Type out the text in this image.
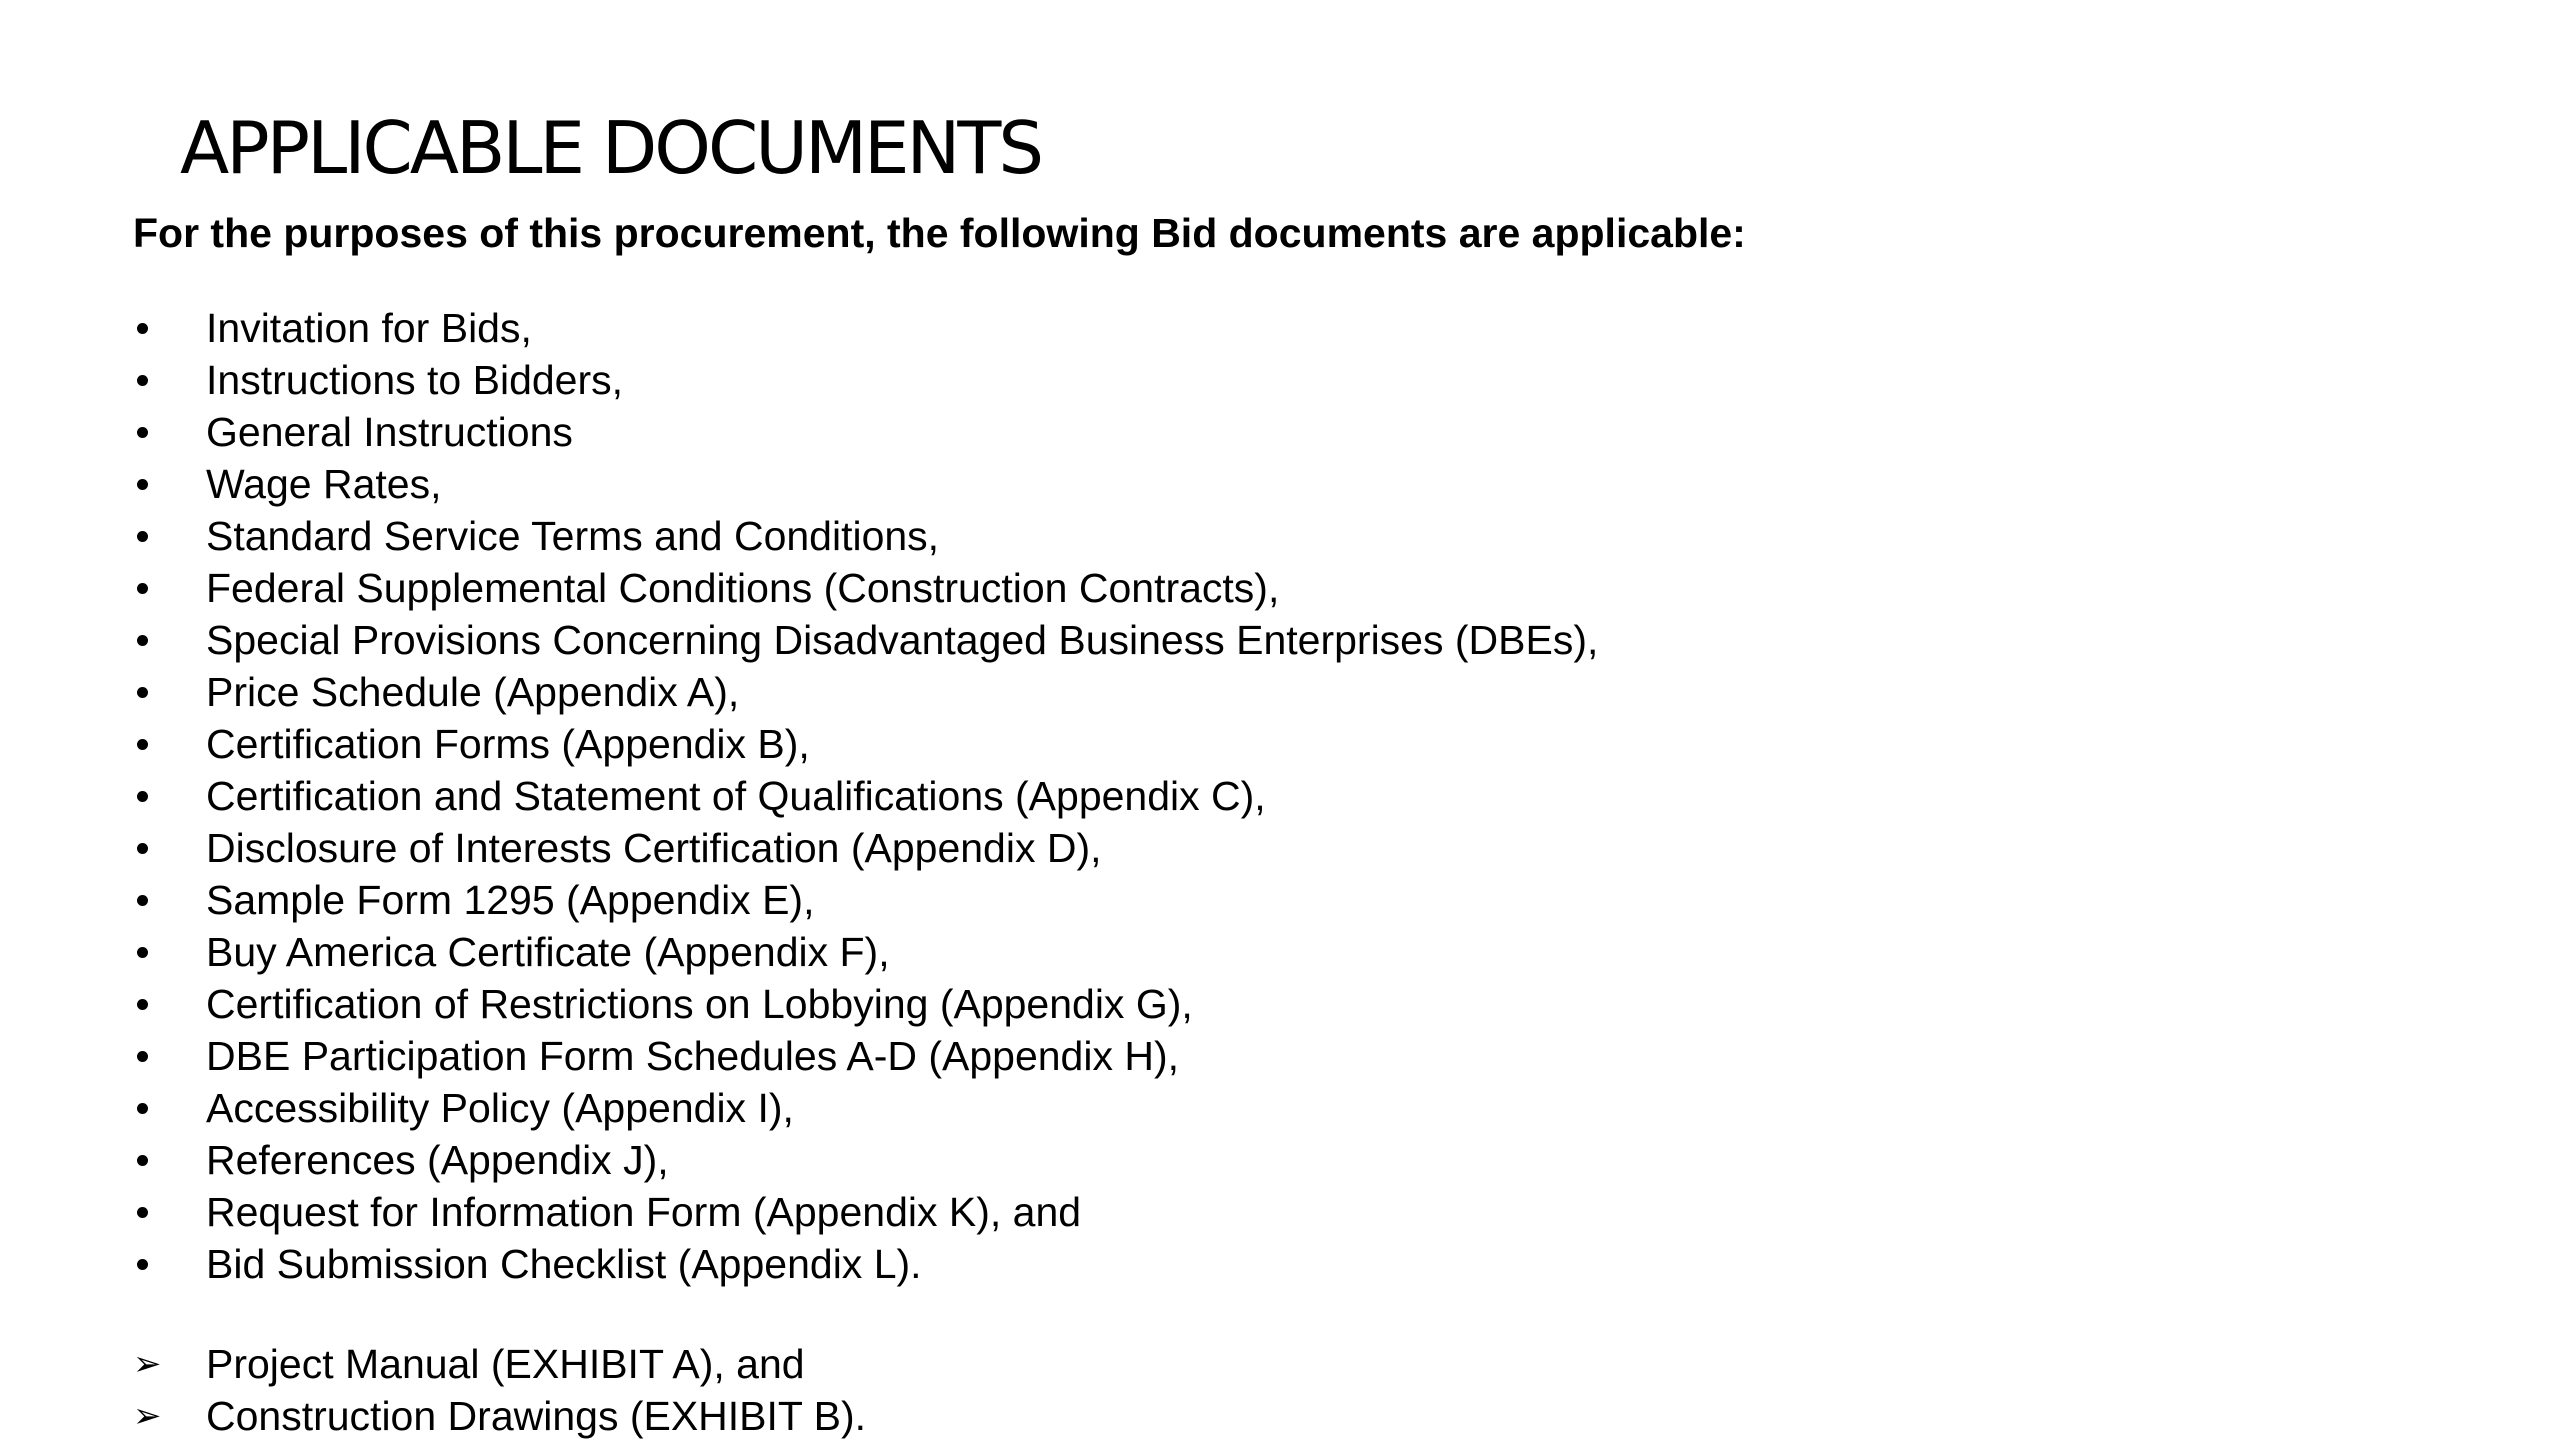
APPLICABLE DOCUMENTS

For the purposes of this procurement, the following Bid documents are applicable:

Invitation for Bids,
Instructions to Bidders,
General Instructions
Wage Rates,
Standard Service Terms and Conditions,
Federal Supplemental Conditions (Construction Contracts),
Special Provisions Concerning Disadvantaged Business Enterprises (DBEs),
Price Schedule (Appendix A),
Certification Forms (Appendix B),
Certification and Statement of Qualifications (Appendix C),
Disclosure of Interests Certification (Appendix D),
Sample Form 1295 (Appendix E),
Buy America Certificate (Appendix F),
Certification of Restrictions on Lobbying (Appendix G),
DBE Participation Form Schedules A-D (Appendix H),
Accessibility Policy (Appendix I),
References (Appendix J),
Request for Information Form (Appendix K), and
Bid Submission Checklist (Appendix L).
➢ Project Manual (EXHIBIT A), and
➢ Construction Drawings (EXHIBIT B).
